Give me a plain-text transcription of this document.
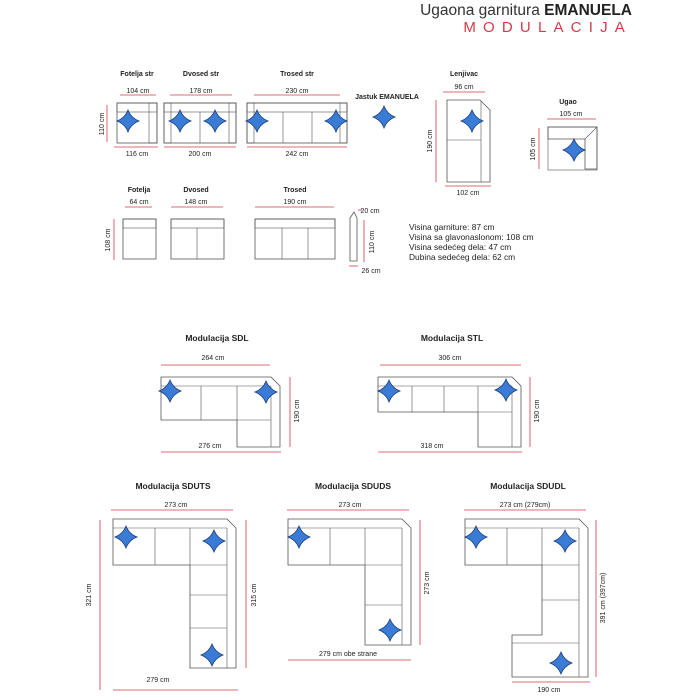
Ugaona garnitura EMANUELA
MODULACIJA
Fotelja str
104 cm
110 cm
116 cm
Dvosed str
178 cm
200 cm
Trosed str
230 cm
242 cm
Jastuk EMANUELA
Lenjivac
96 cm
190 cm
102 cm
Ugao
105 cm
105 cm
Fotelja
64 cm
108 cm
Dvosed
148 cm
Trosed
190 cm
20 cm
110 cm
26 cm
Visina garniture: 87 cm
Visina sa glavonaslonom: 108 cm
Visina sedećeg dela: 47 cm
Dubina sedećeg dela: 62 cm
Modulacija SDL
264 cm
190 cm
276 cm
Modulacija STL
306 cm
190 cm
318 cm
Modulacija SDUTS
273 cm
321 cm	315 cm
279 cm
Modulacija SDUDS
273 cm
273 cm
279 cm obe strane
Modulacija SDUDL
273 cm (279cm)
391 cm (397cm)
190 cm
